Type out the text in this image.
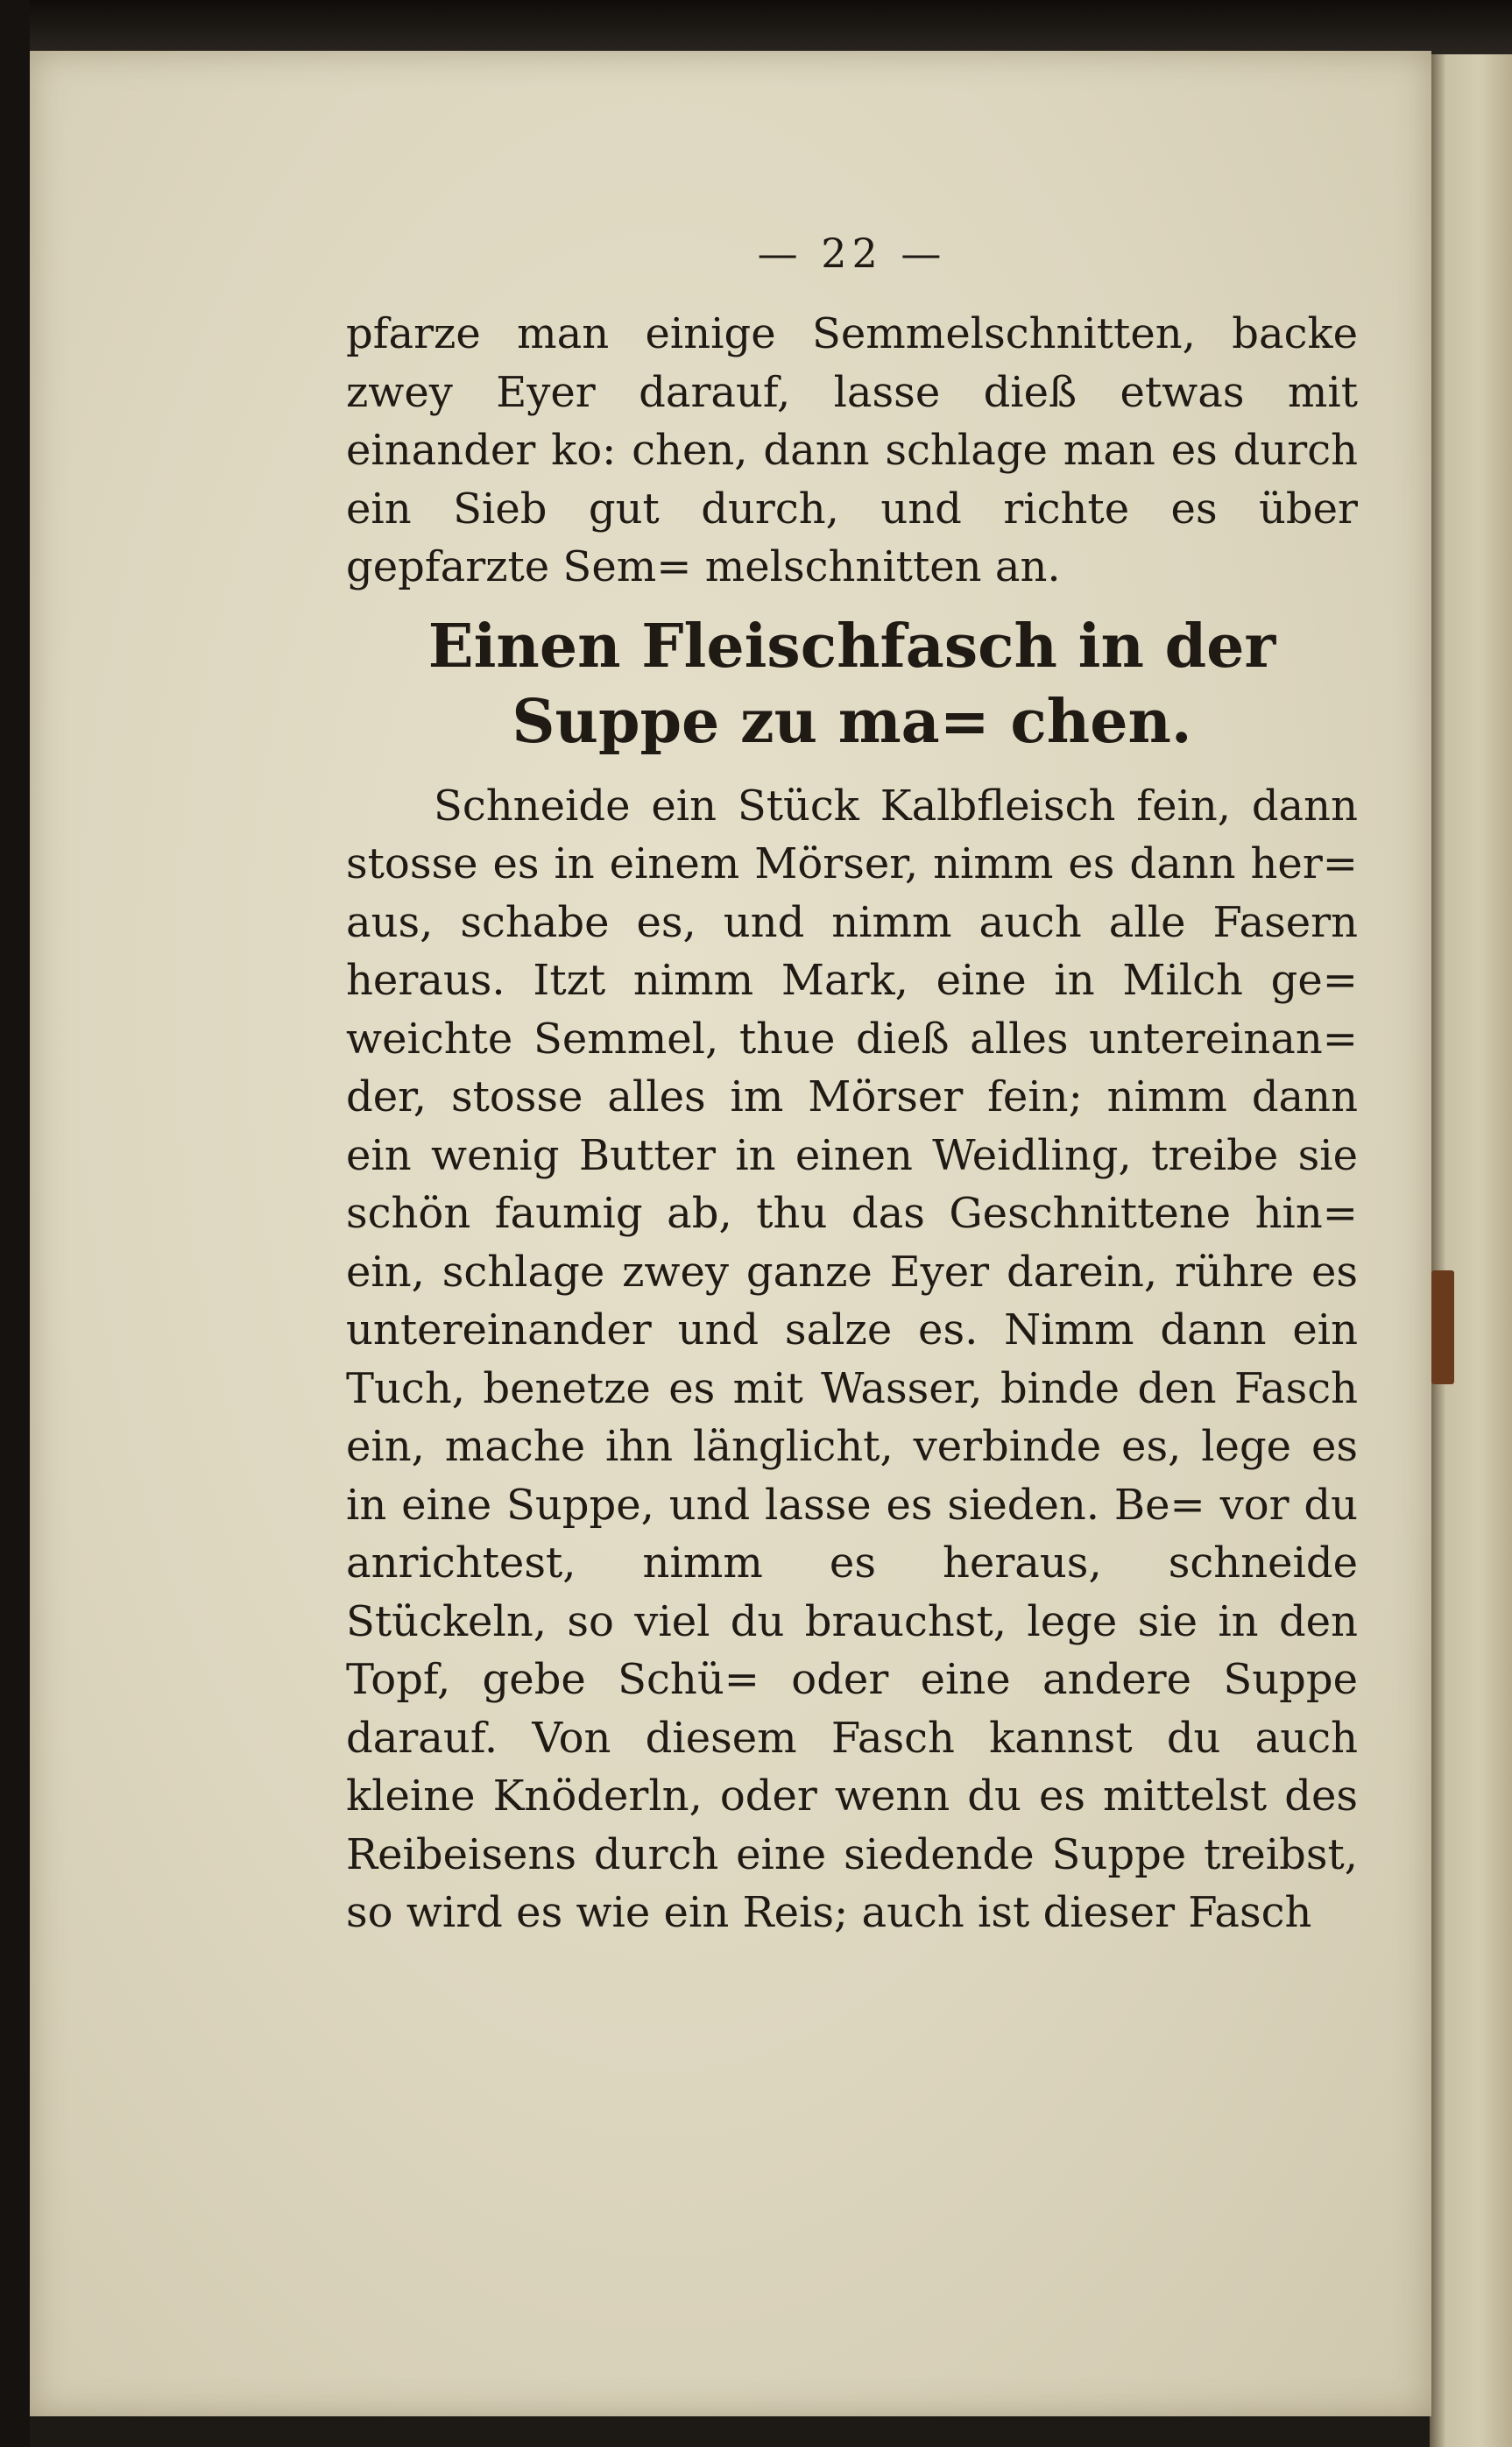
— 22 —

pfarze man einige Semmelschnitten, backe zwey Eyer darauf, lasse dieß etwas mit einander ko: chen, dann schlage man es durch ein Sieb gut durch, und richte es über gepfarzte Sem= melschnitten an.

Einen Fleischfasch in der Suppe zu ma= chen.

Schneide ein Stück Kalbfleisch fein, dann stosse es in einem Mörser, nimm es dann her= aus, schabe es, und nimm auch alle Fasern heraus. Itzt nimm Mark, eine in Milch ge= weichte Semmel, thue dieß alles untereinan= der, stosse alles im Mörser fein; nimm dann ein wenig Butter in einen Weidling, treibe sie schön faumig ab, thu das Geschnittene hin= ein, schlage zwey ganze Eyer darein, rühre es untereinander und salze es. Nimm dann ein Tuch, benetze es mit Wasser, binde den Fasch ein, mache ihn länglicht, verbinde es, lege es in eine Suppe, und lasse es sieden. Be= vor du anrichtest, nimm es heraus, schneide Stückeln, so viel du brauchst, lege sie in den Topf, gebe Schü= oder eine andere Suppe darauf. Von diesem Fasch kannst du auch kleine Knöderln, oder wenn du es mittelst des Reibeisens durch eine siedende Suppe treibst, so wird es wie ein Reis; auch ist dieser Fasch
